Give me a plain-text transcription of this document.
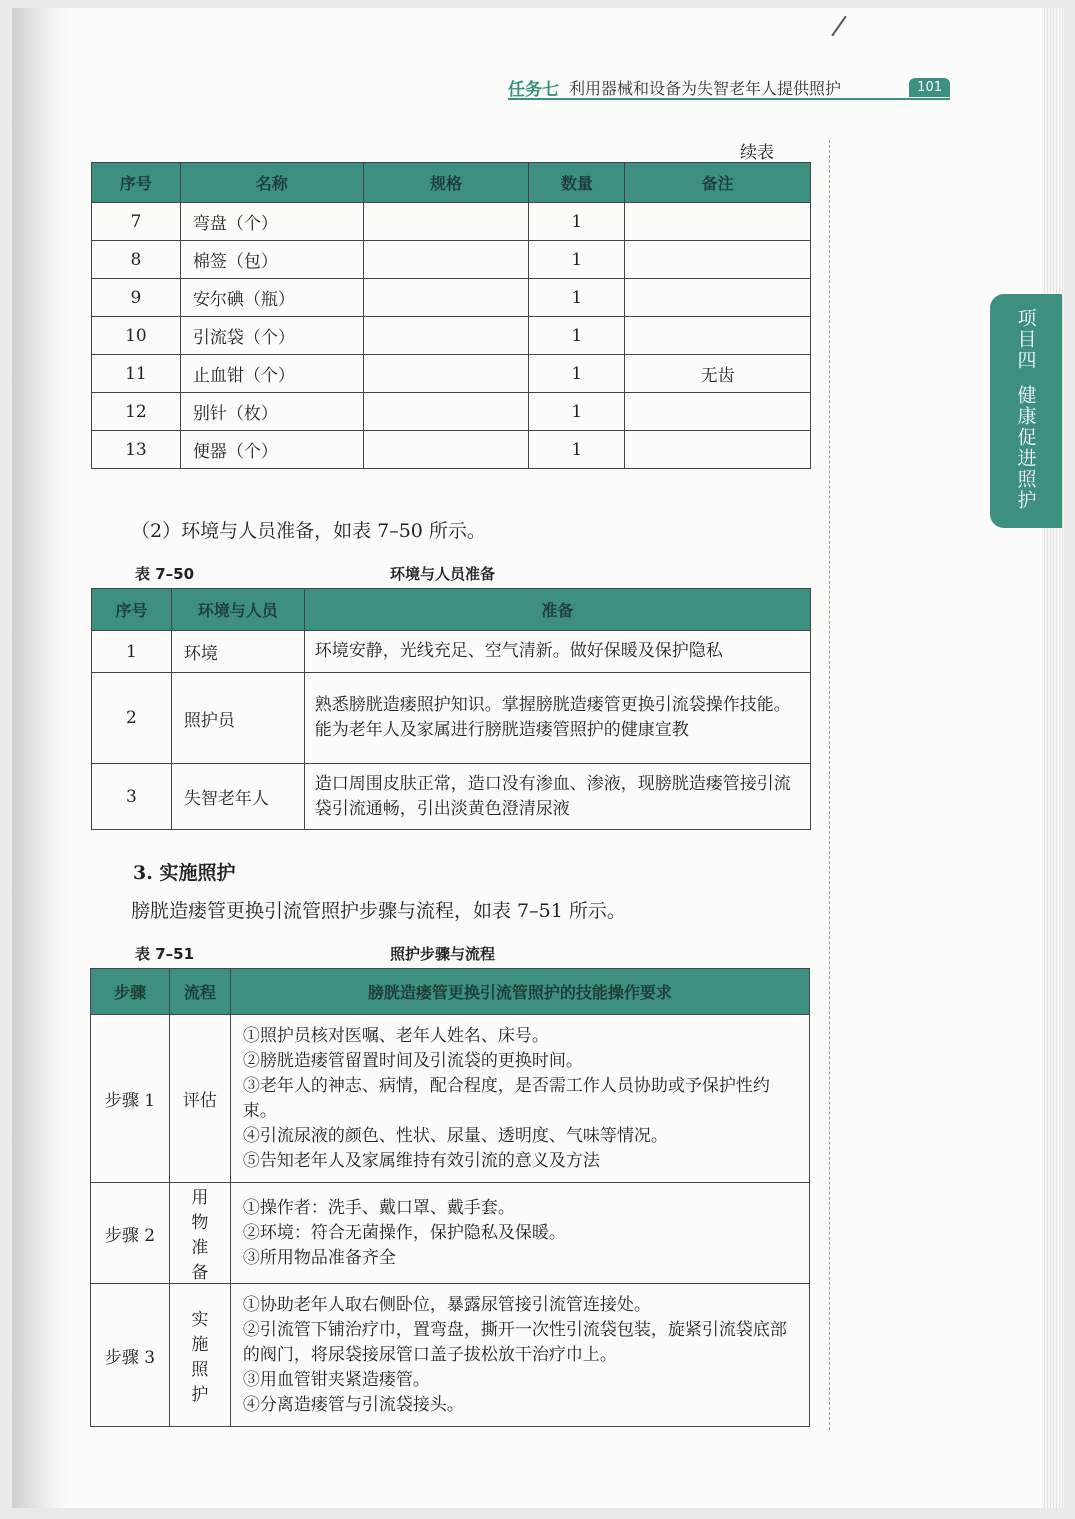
任务七 利用器械和设备为失智老年人提供照护	101
项目四
健康促进照护
续表
序号	名称	规格	数量	备注
7	弯盘（个）		1	
8	棉签（包）		1	
9	安尔碘（瓶）		1	
10	引流袋（个）		1	
11	止血钳（个）		1	无齿
12	别针（枚）		1	
13	便器（个）		1	
（2）环境与人员准备，如表 7–50 所示。
表 7–50	环境与人员准备
序号	环境与人员	准备
1	环境	环境安静，光线充足、空气清新。做好保暖及保护隐私
2	照护员	熟悉膀胱造瘘照护知识。掌握膀胱造瘘管更换引流袋操作技能。能为老年人及家属进行膀胱造瘘管照护的健康宣教
3	失智老年人	造口周围皮肤正常，造口没有渗血、渗液，现膀胱造瘘管接引流袋引流通畅，引出淡黄色澄清尿液
3. 实施照护
膀胱造瘘管更换引流管照护步骤与流程，如表 7–51 所示。
表 7–51	照护步骤与流程
步骤	流程	膀胱造瘘管更换引流管照护的技能操作要求
步骤 1	评估	①照护员核对医嘱、老年人姓名、床号。
②膀胱造瘘管留置时间及引流袋的更换时间。
③老年人的神志、病情，配合程度，是否需工作人员协助或予保护性约束。
④引流尿液的颜色、性状、尿量、透明度、气味等情况。
⑤告知老年人及家属维持有效引流的意义及方法

步骤 2	用物准备	①操作者：洗手、戴口罩、戴手套。
②环境：符合无菌操作，保护隐私及保暖。
③所用物品准备齐全

步骤 3	实施照护	①协助老年人取右侧卧位，暴露尿管接引流管连接处。
②引流管下铺治疗巾，置弯盘，撕开一次性引流袋包装，旋紧引流袋底部的阀门，将尿袋接尿管口盖子拔松放干治疗巾上。
③用血管钳夹紧造瘘管。
④分离造瘘管与引流袋接头。
